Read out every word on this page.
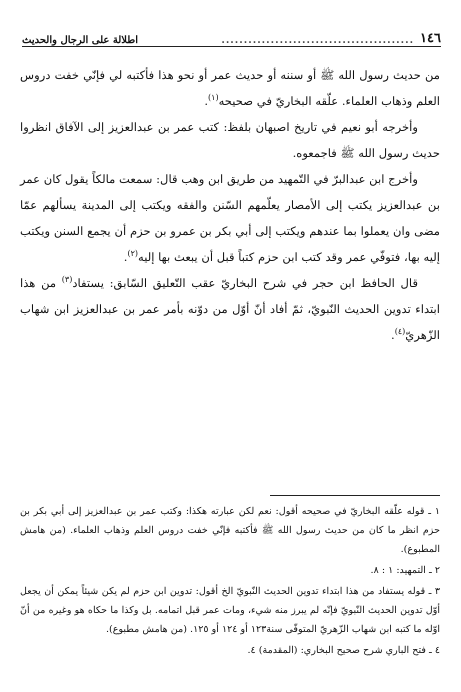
١٤٦
...........................................
اطلالة على الرجال والحديث

من حديث رسول الله ﷺ أو سننه أو حديث عمر أو نحو هذا فأكتبه لي فإنّي خفت دروس العلم وذهاب العلماء. علّقه البخاريّ في صحيحه$^{(١)}$.

وأخرجه أبو نعيم في تاريخ اصبهان بلفظ: كتب عمر بن عبدالعزيز إلى الآفاق انظروا حديث رسول الله ﷺ فاجمعوه.

وأخرج ابن عبدالبرّ في التّمهيد من طريق ابن وهب قال: سمعت مالكاً يقول كان عمر بن عبدالعزيز يكتب إلى الأمصار يعلّمهم السّنن والفقه ويكتب إلى المدينة يسألهم عمّا مضى وان يعملوا بما عندهم ويكتب إلى أبي بكر بن عمرو بن حزم أن يجمع السنن ويكتب إليه بها، فتوفّي عمر وقد كتب ابن حزم كتباً قبل أن يبعث بها إليه$^{(٢)}$.

قال الحافظ ابن حجر في شرح البخاريّ عقب التّعليق السّابق: يستفاد$^{(٣)}$ من هذا ابتداء تدوين الحديث النّبويّ، ثمّ أفاد أنّ أوّل من دوّنه بأمر عمر بن عبدالعزيز ابن شهاب الزّهريّ$^{(٤)}$.

١ ـ قوله علّقه البخاريّ في صحيحه أقول: نعم لكن عبارته هكذا: وكتب عمر بن عبدالعزيز إلى أبي بكر بن حزم انظر ما كان من حديث رسول الله ﷺ فأكتبه فإنّي خفت دروس العلم وذهاب العلماء. (من هامش المطبوع).

٢ ـ التمهيد: ١ : ٨.

٣ ـ قوله يستفاد من هذا ابتداء تدوين الحديث النّبويّ الخ أقول: تدوين ابن حزم لم يكن شيئاً يمكن أن يجعل أوّل تدوين الحديث النّبويّ فإنّه لم يبرز منه شيء، ومات عمر قبل اتمامه. بل وكذا ما حكاه هو وغيره من أنّ اوّله ما كتبه ابن شهاب الزّهريّ المتوفّى سنة١٢٣ أو ١٢٤ أو ١٢٥. (من هامش مطبوع).

٤ ـ فتح الباري شرح صحيح البخاري: (المقدمة) ٤.
